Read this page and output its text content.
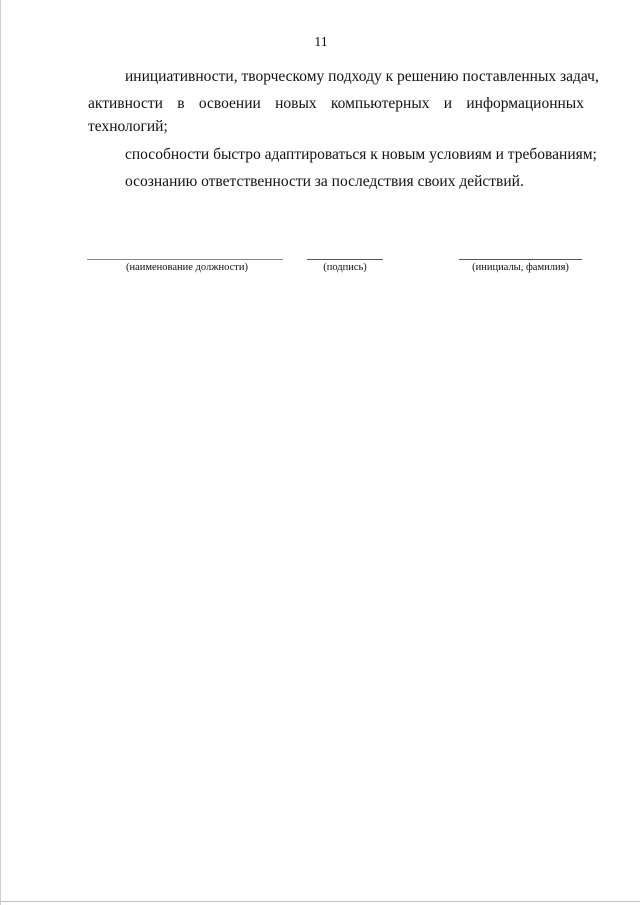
11
инициативности, творческому подходу к решению поставленных задач,
активности в освоении новых компьютерных и информационных
технологий;
способности быстро адаптироваться к новым условиям и требованиям;
осознанию ответственности за последствия своих действий.
(наименование должности)	(подпись)	(инициалы, фамилия)
